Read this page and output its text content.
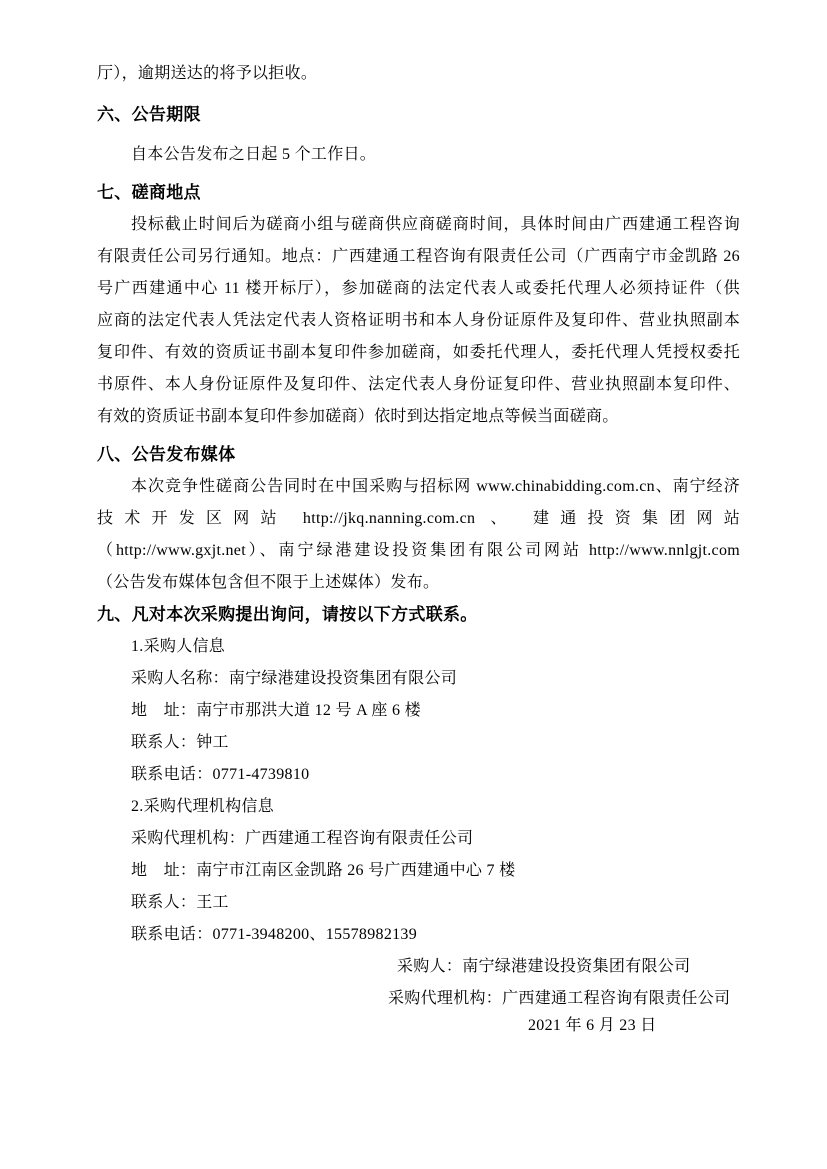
厅），逾期送达的将予以拒收。
六、公告期限
自本公告发布之日起 5 个工作日。
七、磋商地点
投标截止时间后为磋商小组与磋商供应商磋商时间，具体时间由广西建通工程咨询
有限责任公司另行通知。地点：广西建通工程咨询有限责任公司（广西南宁市金凯路 26
号广西建通中心 11 楼开标厅），参加磋商的法定代表人或委托代理人必须持证件（供
应商的法定代表人凭法定代表人资格证明书和本人身份证原件及复印件、营业执照副本
复印件、有效的资质证书副本复印件参加磋商，如委托代理人，委托代理人凭授权委托
书原件、本人身份证原件及复印件、法定代表人身份证复印件、营业执照副本复印件、
有效的资质证书副本复印件参加磋商）依时到达指定地点等候当面磋商。
八、公告发布媒体
本次竞争性磋商公告同时在中国采购与招标网 www.chinabidding.com.cn、南宁经济
技术开发区网站 http://jkq.nanning.com.cn 、 建通投资集团网站
（http://www.gxjt.net）、南宁绿港建设投资集团有限公司网站 http://www.nnlgjt.com
（公告发布媒体包含但不限于上述媒体）发布。
九、凡对本次采购提出询问，请按以下方式联系。
1.采购人信息
采购人名称：南宁绿港建设投资集团有限公司
地　址：南宁市那洪大道 12 号 A 座 6 楼
联系人：钟工
联系电话：0771-4739810
2.采购代理机构信息
采购代理机构：广西建通工程咨询有限责任公司
地　址：南宁市江南区金凯路 26 号广西建通中心 7 楼
联系人：王工
联系电话：0771-3948200、15578982139
采购人：南宁绿港建设投资集团有限公司
采购代理机构：广西建通工程咨询有限责任公司
2021 年 6 月 23 日
